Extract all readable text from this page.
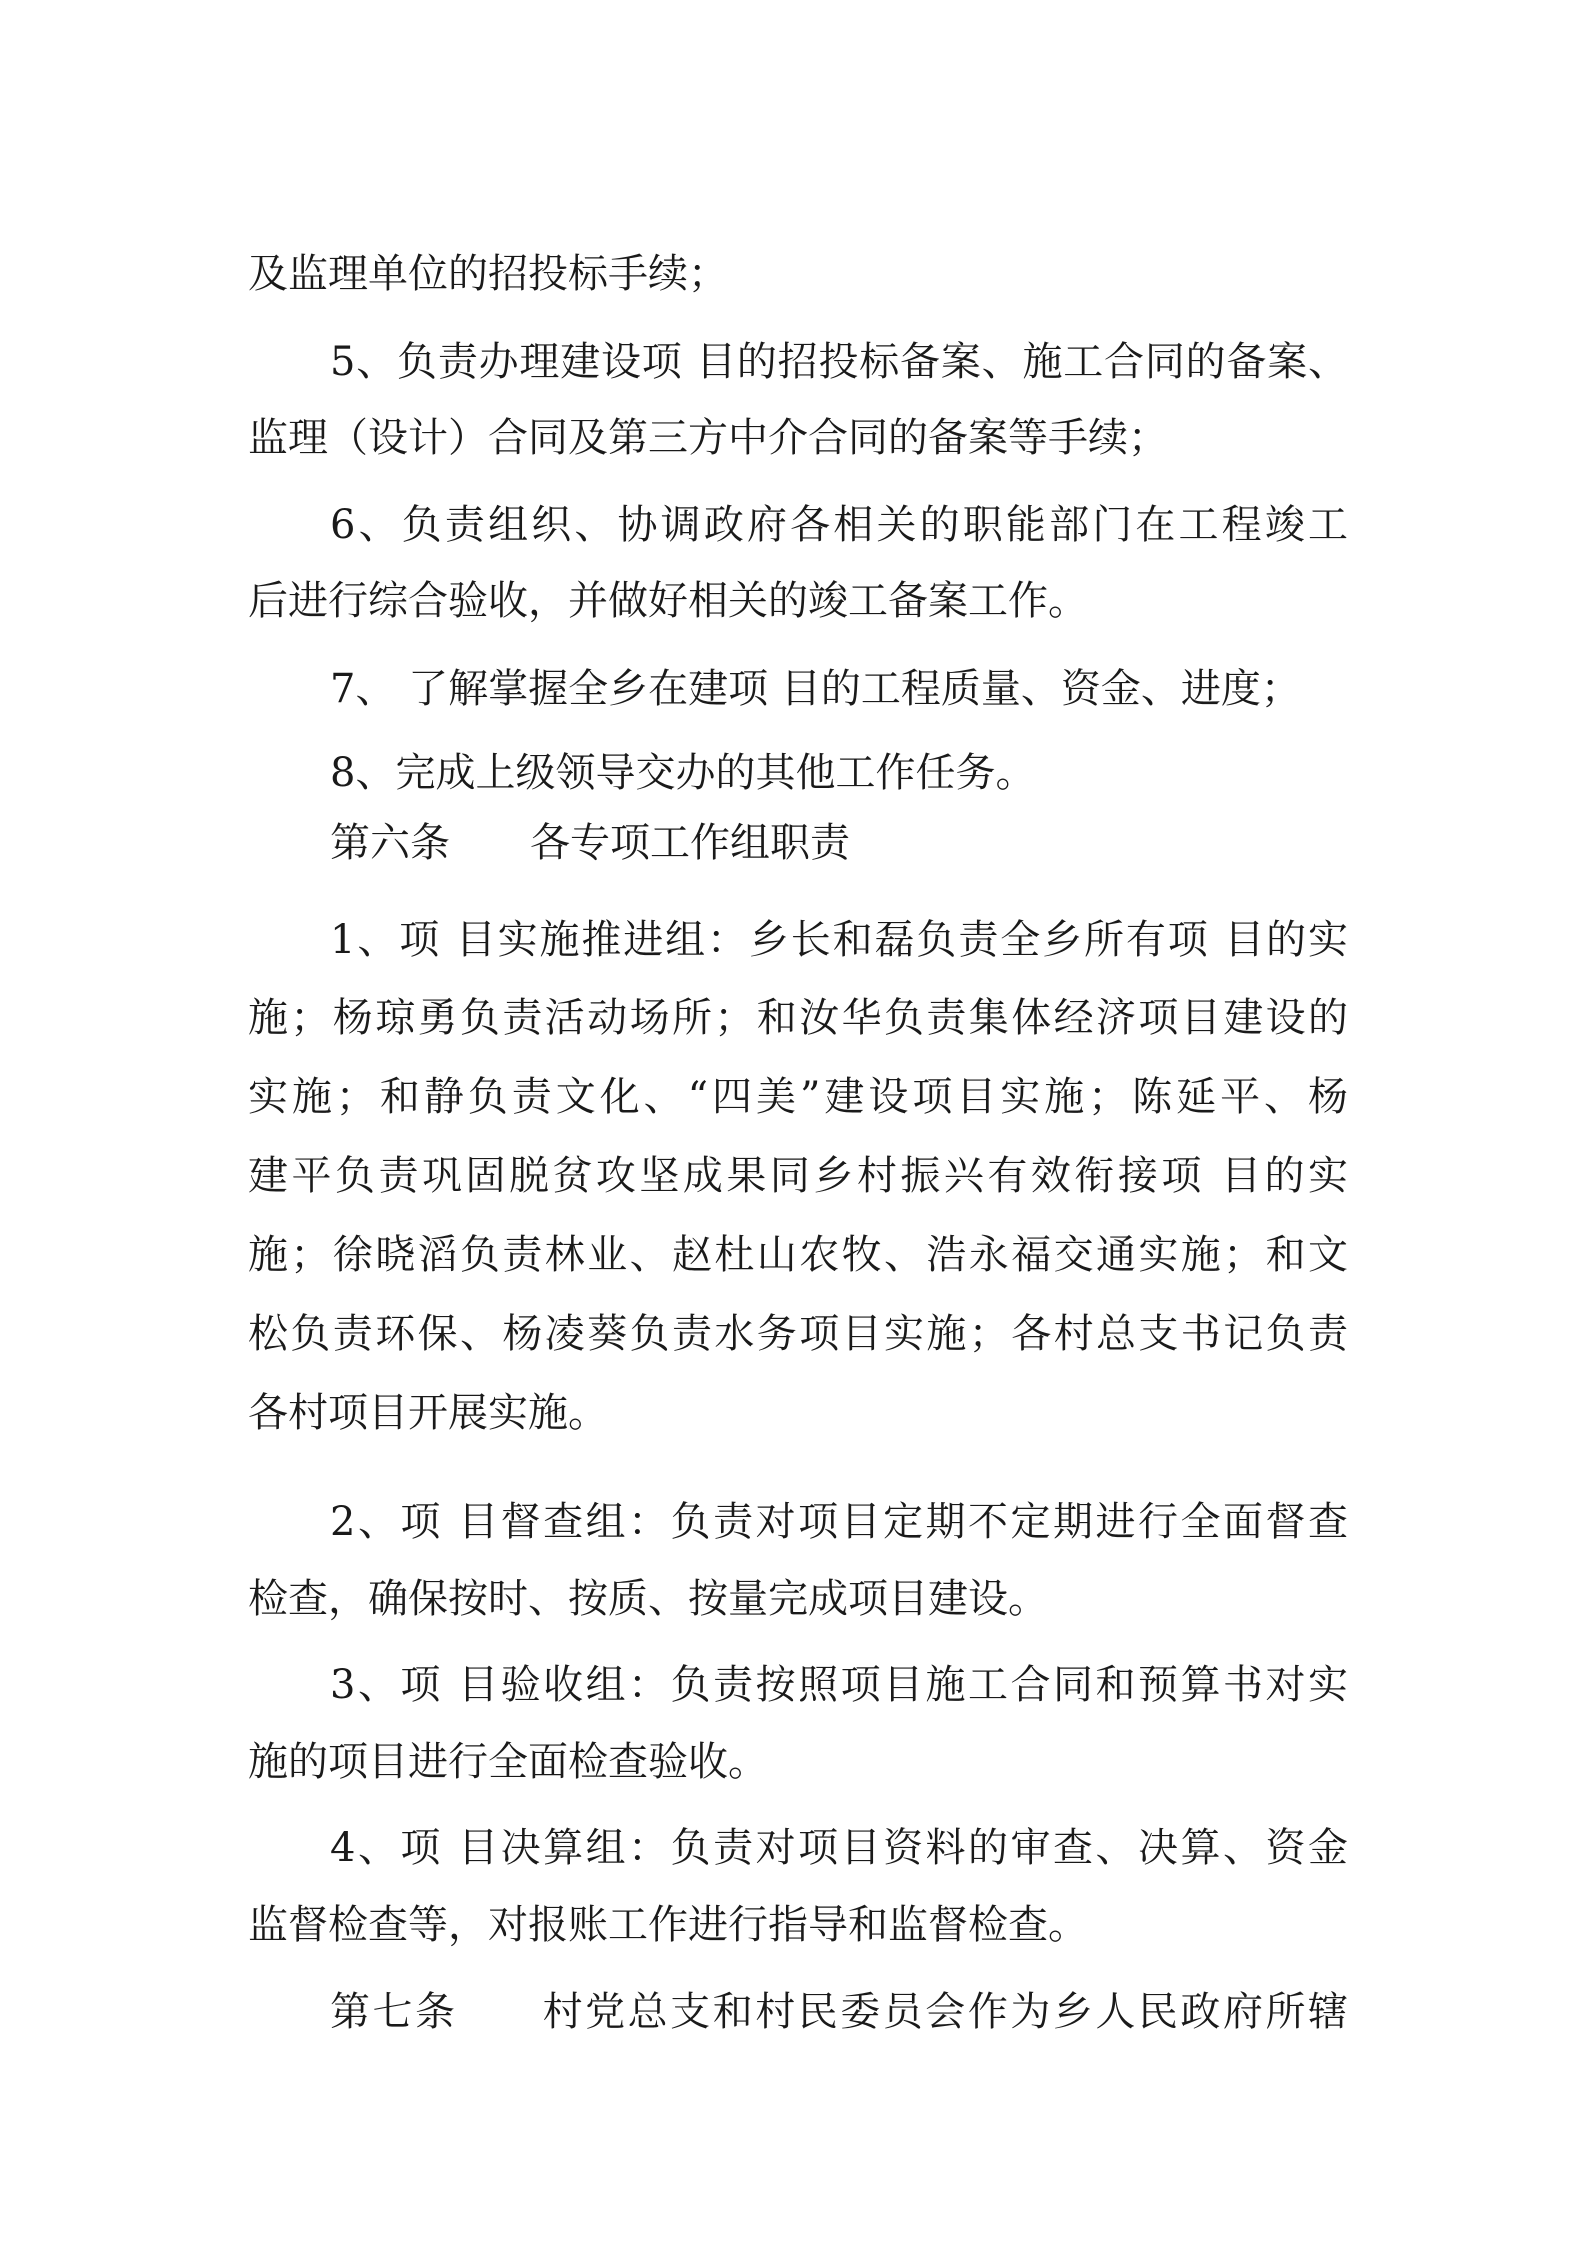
及监理单位的招投标手续；
5、负责办理建设项 目的招投标备案、施工合同的备案、
监理（设计）合同及第三方中介合同的备案等手续；
6、负责组织、协调政府各相关的职能部门在工程竣工
后进行综合验收，并做好相关的竣工备案工作。
7、 了解掌握全乡在建项 目的工程质量、资金、进度；
8、完成上级领导交办的其他工作任务。
第六条　　各专项工作组职责
1、项 目实施推进组：乡长和磊负责全乡所有项 目的实
施；杨琼勇负责活动场所；和汝华负责集体经济项目建设的
实施；和静负责文化、“四美”建设项目实施；陈延平、杨
建平负责巩固脱贫攻坚成果同乡村振兴有效衔接项 目的实
施；徐晓滔负责林业、赵杜山农牧、浩永福交通实施；和文
松负责环保、杨凌葵负责水务项目实施；各村总支书记负责
各村项目开展实施。
2、项 目督查组：负责对项目定期不定期进行全面督查
检查，确保按时、按质、按量完成项目建设。
3、项 目验收组：负责按照项目施工合同和预算书对实
施的项目进行全面检查验收。
4、项 目决算组：负责对项目资料的审查、决算、资金
监督检查等，对报账工作进行指导和监督检查。
第七条　　村党总支和村民委员会作为乡人民政府所辖
